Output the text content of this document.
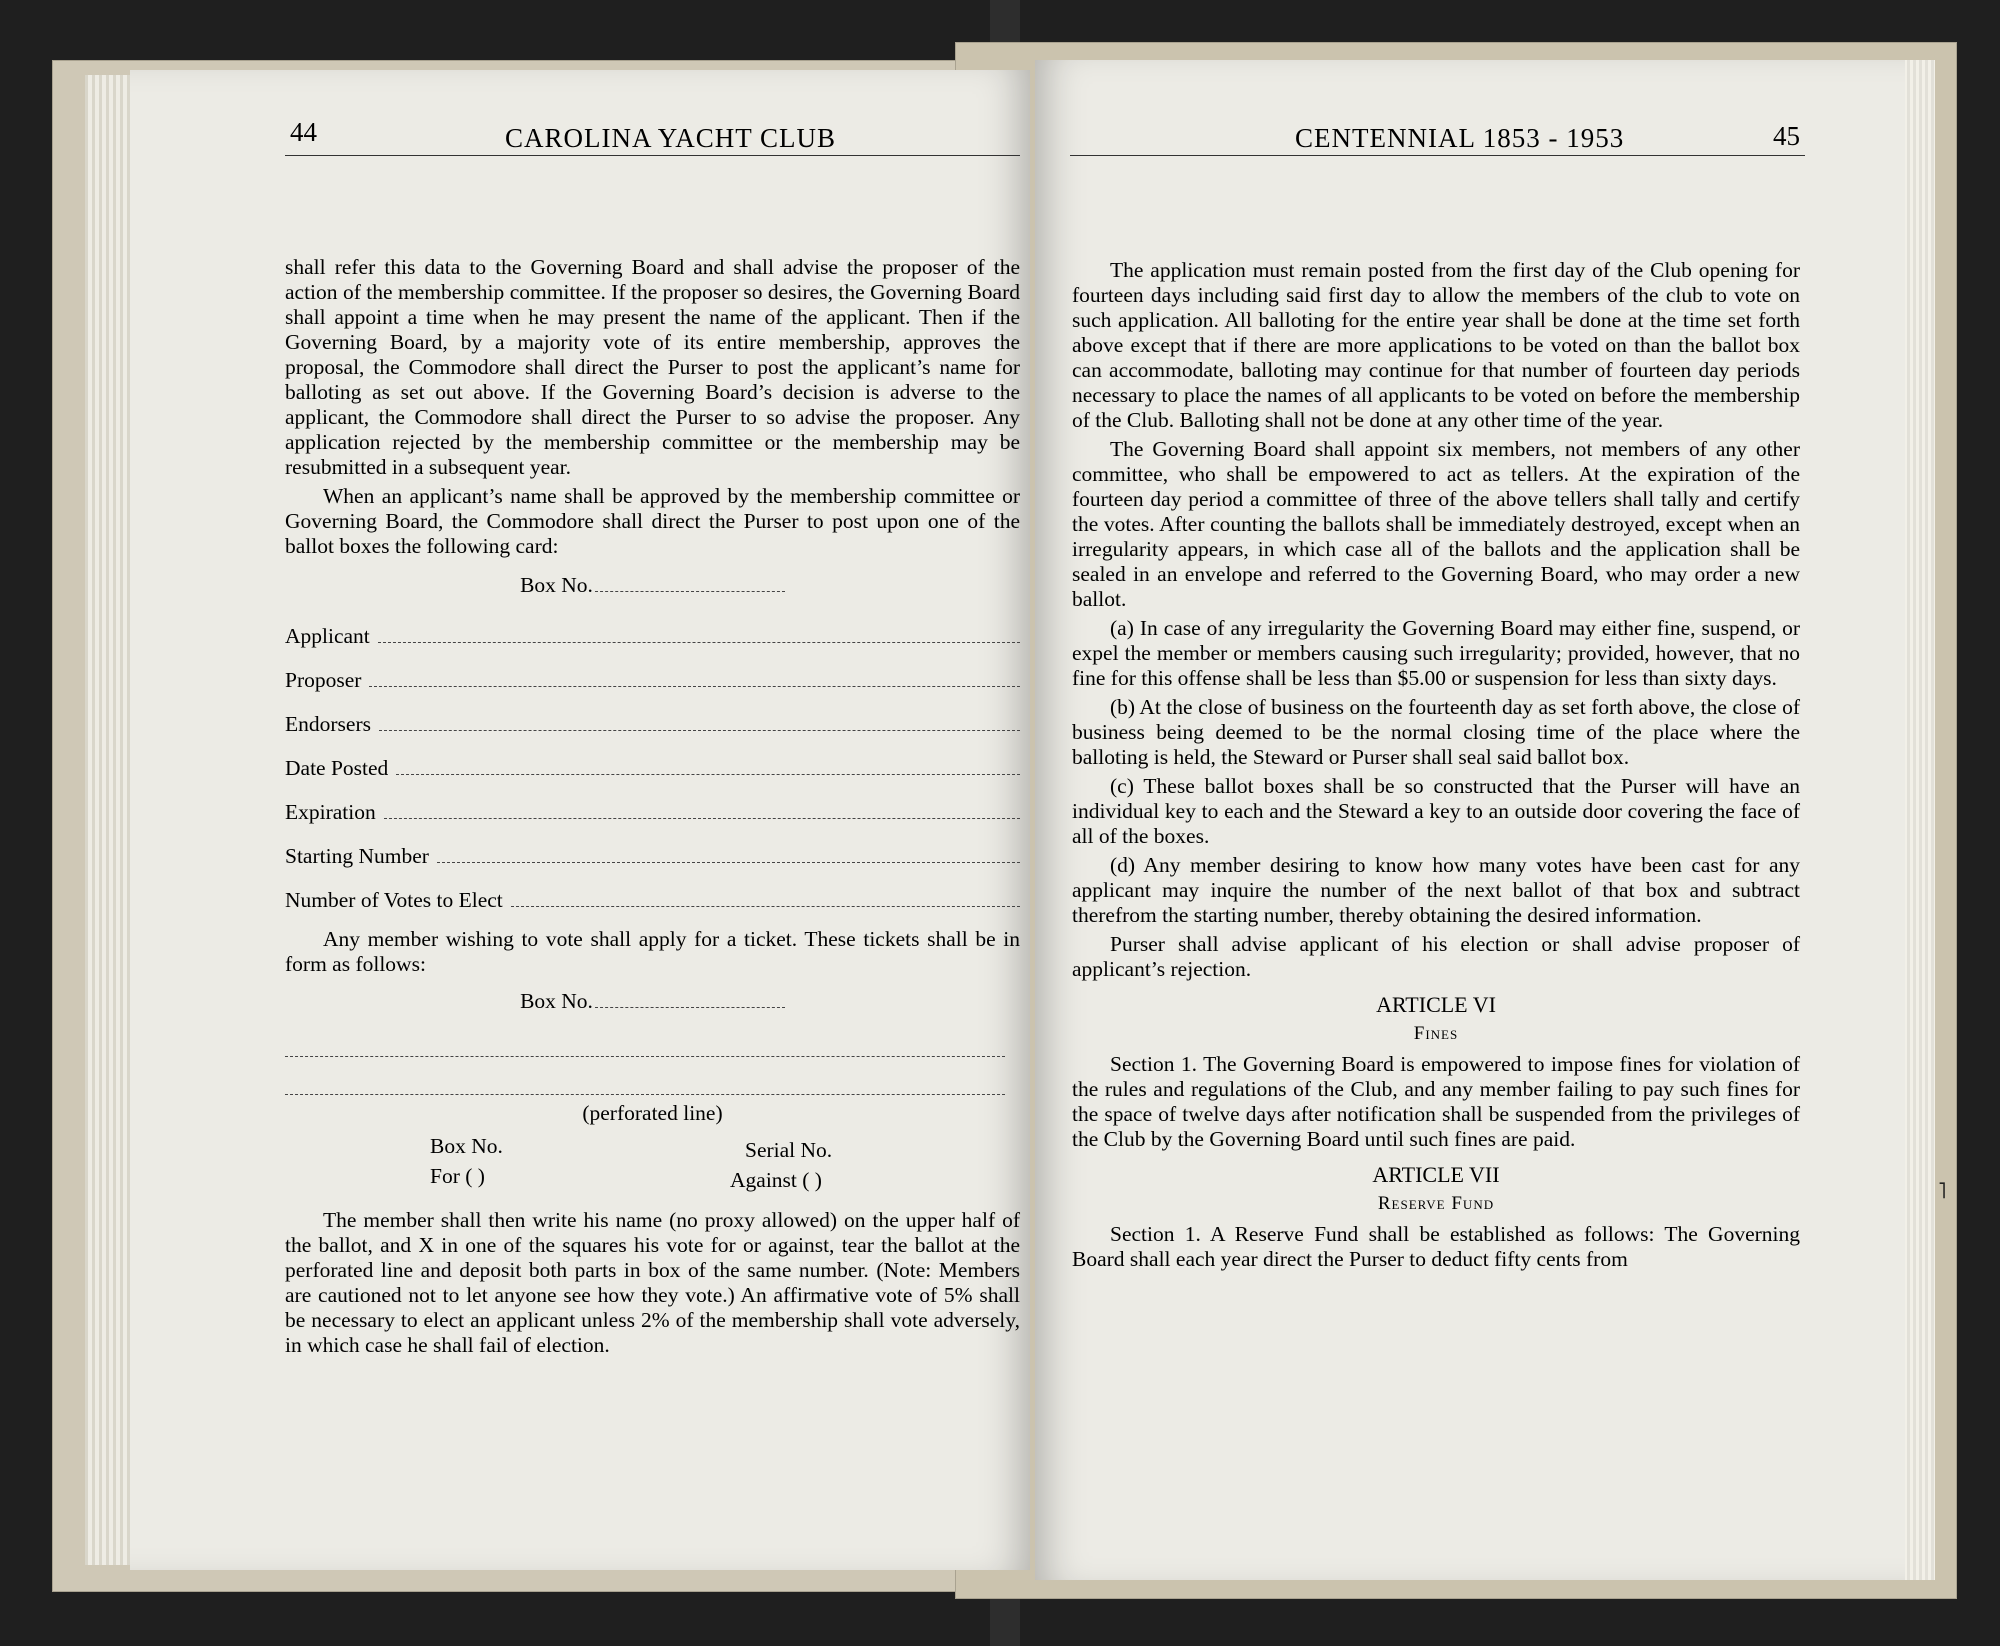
44	CAROLINA YACHT CLUB

shall refer this data to the Governing Board and shall advise the proposer of the action of the membership committee. If the proposer so desires, the Governing Board shall appoint a time when he may present the name of the applicant. Then if the Governing Board, by a majority vote of its entire membership, approves the proposal, the Commodore shall direct the Purser to post the applicant’s name for balloting as set out above. If the Governing Board’s decision is adverse to the applicant, the Commodore shall direct the Purser to so advise the proposer. Any application rejected by the membership committee or the membership may be resubmitted in a subsequent year.

When an applicant’s name shall be approved by the membership committee or Governing Board, the Commodore shall direct the Purser to post upon one of the ballot boxes the following card:

Box No.
Applicant
Proposer
Endorsers
Date Posted
Expiration
Starting Number
Number of Votes to Elect

Any member wishing to vote shall apply for a ticket. These tickets shall be in form as follows:

Box No.
(perforated line)
Box No.	Serial No.
For ( )	Against ( )

The member shall then write his name (no proxy allowed) on the upper half of the ballot, and X in one of the squares his vote for or against, tear the ballot at the perforated line and deposit both parts in box of the same number. (Note: Members are cautioned not to let anyone see how they vote.) An affirmative vote of 5% shall be necessary to elect an applicant unless 2% of the membership shall vote adversely, in which case he shall fail of election.

CENTENNIAL 1853 - 1953	45

The application must remain posted from the first day of the Club opening for fourteen days including said first day to allow the members of the club to vote on such application. All balloting for the entire year shall be done at the time set forth above except that if there are more applications to be voted on than the ballot box can accommodate, balloting may continue for that number of fourteen day periods necessary to place the names of all applicants to be voted on before the membership of the Club. Balloting shall not be done at any other time of the year.

The Governing Board shall appoint six members, not members of any other committee, who shall be empowered to act as tellers. At the expiration of the fourteen day period a committee of three of the above tellers shall tally and certify the votes. After counting the ballots shall be immediately destroyed, except when an irregularity appears, in which case all of the ballots and the application shall be sealed in an envelope and referred to the Governing Board, who may order a new ballot.

(a) In case of any irregularity the Governing Board may either fine, suspend, or expel the member or members causing such irregularity; provided, however, that no fine for this offense shall be less than $5.00 or suspension for less than sixty days.

(b) At the close of business on the fourteenth day as set forth above, the close of business being deemed to be the normal closing time of the place where the balloting is held, the Steward or Purser shall seal said ballot box.

(c) These ballot boxes shall be so constructed that the Purser will have an individual key to each and the Steward a key to an outside door covering the face of all of the boxes.

(d) Any member desiring to know how many votes have been cast for any applicant may inquire the number of the next ballot of that box and subtract therefrom the starting number, thereby obtaining the desired information.

Purser shall advise applicant of his election or shall advise proposer of applicant’s rejection.

ARTICLE VI
Fines

Section 1. The Governing Board is empowered to impose fines for violation of the rules and regulations of the Club, and any member failing to pay such fines for the space of twelve days after notification shall be suspended from the privileges of the Club by the Governing Board until such fines are paid.

ARTICLE VII
Reserve Fund

Section 1. A Reserve Fund shall be established as follows: The Governing Board shall each year direct the Purser to deduct fifty cents from

˥
